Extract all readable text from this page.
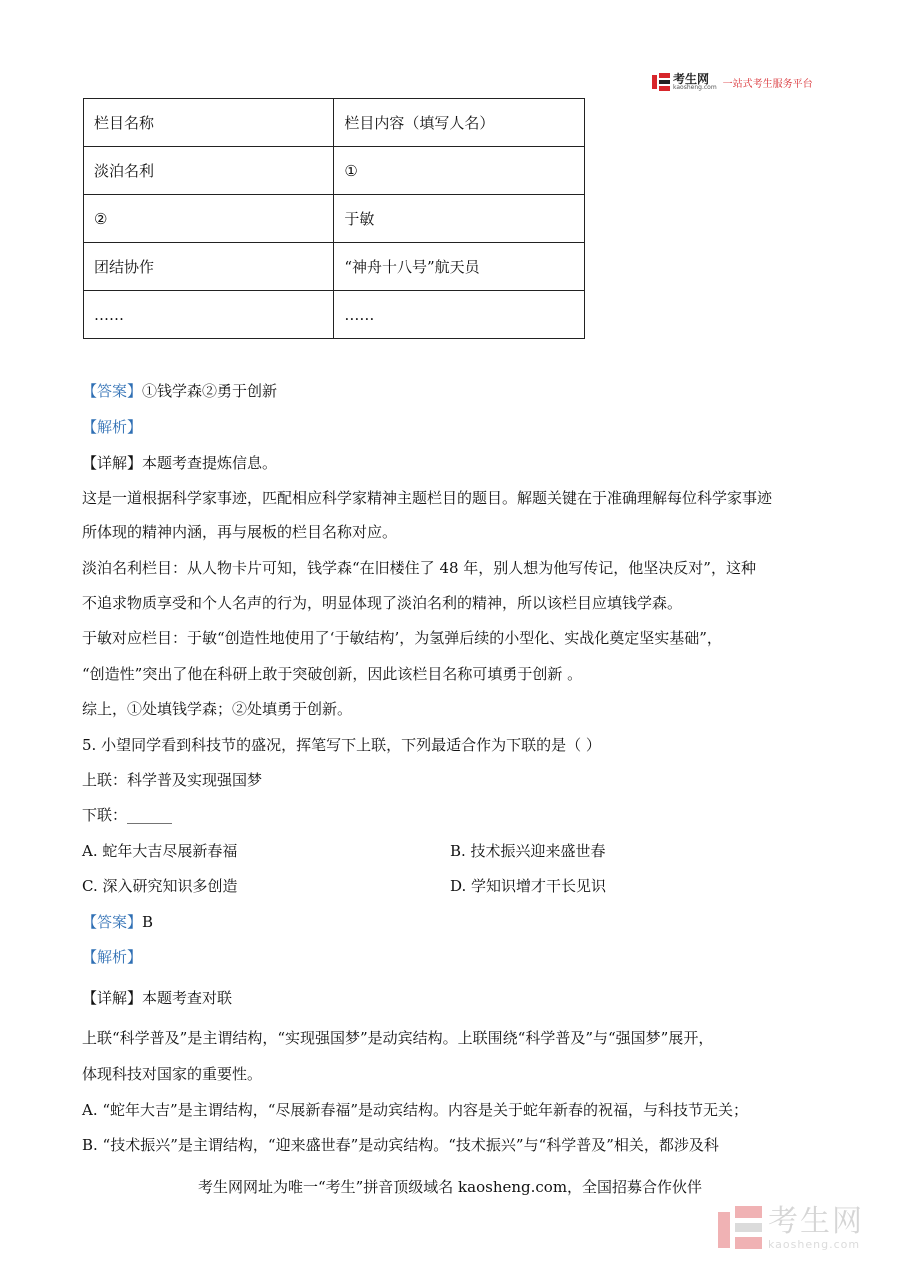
考生网
kaosheng.com 一站式考生服务平台
栏目名称	栏目内容（填写人名）
淡泊名利	①
②	于敏
团结协作	“神舟十八号”航天员
……	……
【答案】①钱学森②勇于创新
【解析】
【详解】本题考查提炼信息。
这是一道根据科学家事迹，匹配相应科学家精神主题栏目的题目。解题关键在于准确理解每位科学家事迹
所体现的精神内涵，再与展板的栏目名称对应。
淡泊名利栏目：从人物卡片可知，钱学森“在旧楼住了 48 年，别人想为他写传记，他坚决反对”，这种
不追求物质享受和个人名声的行为，明显体现了淡泊名利的精神，所以该栏目应填钱学森。
于敏对应栏目：于敏“创造性地使用了‘于敏结构’，为氢弹后续的小型化、实战化奠定坚实基础”，
“创造性”突出了他在科研上敢于突破创新，因此该栏目名称可填勇于创新 。
综上，①处填钱学森；②处填勇于创新。
5. 小望同学看到科技节的盛况，挥笔写下上联，下列最适合作为下联的是（ ）
上联：科学普及实现强国梦
下联：______
A. 蛇年大吉尽展新春福	B. 技术振兴迎来盛世春
C. 深入研究知识多创造	D. 学知识增才干长见识
【答案】B
【解析】
【详解】本题考查对联
上联“科学普及”是主谓结构，“实现强国梦”是动宾结构。上联围绕“科学普及”与“强国梦”展开，
体现科技对国家的重要性。
A. “蛇年大吉”是主谓结构，“尽展新春福”是动宾结构。内容是关于蛇年新春的祝福，与科技节无关；
B. “技术振兴”是主谓结构，“迎来盛世春”是动宾结构。“技术振兴”与“科学普及”相关，都涉及科
考生网网址为唯一“考生”拼音顶级域名 kaosheng.com，全国招募合作伙伴
考生网
kaosheng.com
